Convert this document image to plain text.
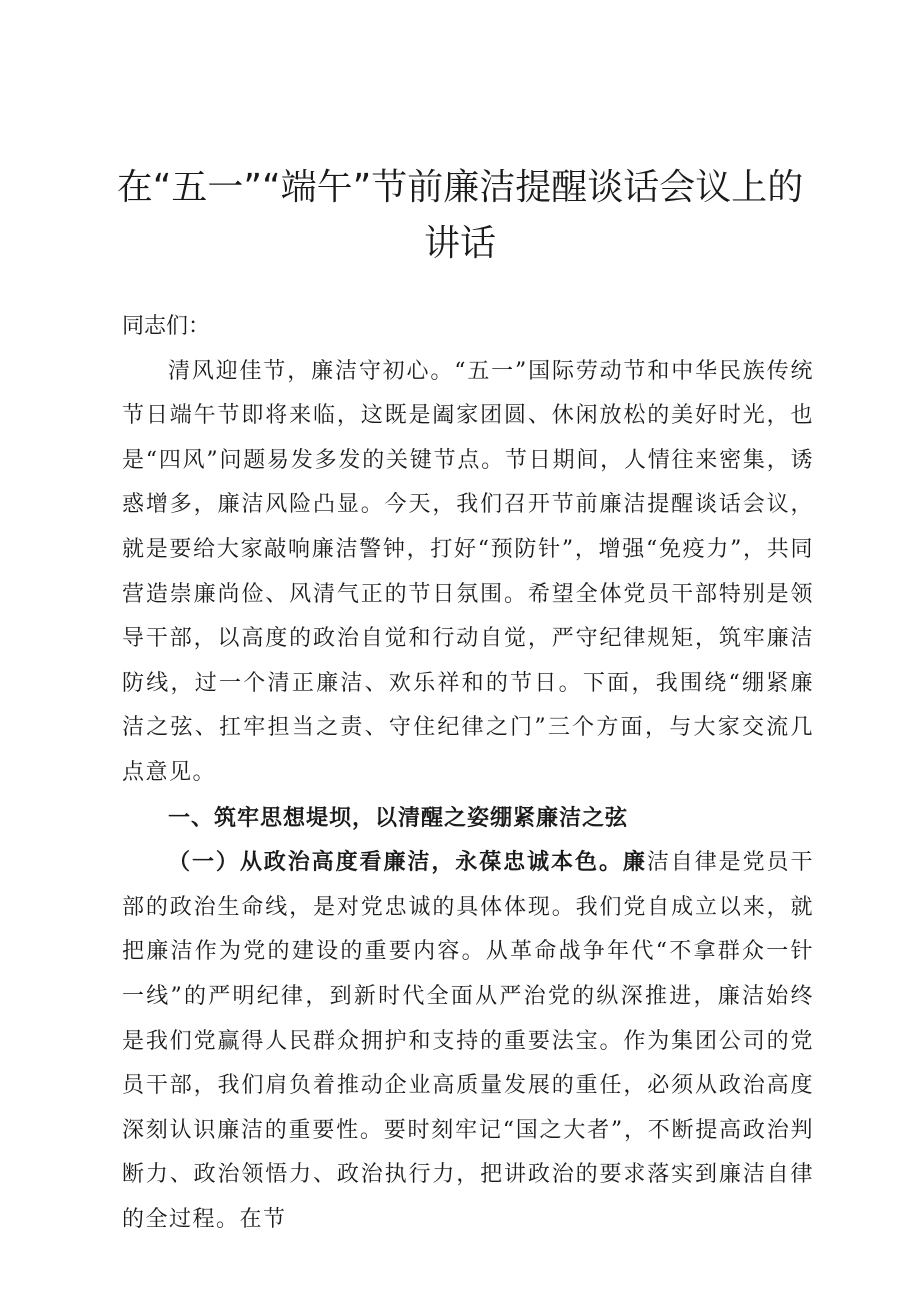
在“五一”“端午”节前廉洁提醒谈话会议上的讲话

同志们：

清风迎佳节，廉洁守初心。“五一”国际劳动节和中华民族传统节日端午节即将来临，这既是阖家团圆、休闲放松的美好时光，也是“四风”问题易发多发的关键节点。节日期间，人情往来密集，诱惑增多，廉洁风险凸显。今天，我们召开节前廉洁提醒谈话会议，就是要给大家敲响廉洁警钟，打好“预防针”，增强“免疫力”，共同营造崇廉尚俭、风清气正的节日氛围。希望全体党员干部特别是领导干部，以高度的政治自觉和行动自觉，严守纪律规矩，筑牢廉洁防线，过一个清正廉洁、欢乐祥和的节日。下面，我围绕“绷紧廉洁之弦、扛牢担当之责、守住纪律之门”三个方面，与大家交流几点意见。

一、筑牢思想堤坝，以清醒之姿绷紧廉洁之弦

（一）从政治高度看廉洁，永葆忠诚本色。廉洁自律是党员干部的政治生命线，是对党忠诚的具体体现。我们党自成立以来，就把廉洁作为党的建设的重要内容。从革命战争年代“不拿群众一针一线”的严明纪律，到新时代全面从严治党的纵深推进，廉洁始终是我们党赢得人民群众拥护和支持的重要法宝。作为集团公司的党员干部，我们肩负着推动企业高质量发展的重任，必须从政治高度深刻认识廉洁的重要性。要时刻牢记“国之大者”，不断提高政治判断力、政治领悟力、政治执行力，把讲政治的要求落实到廉洁自律的全过程。在节
